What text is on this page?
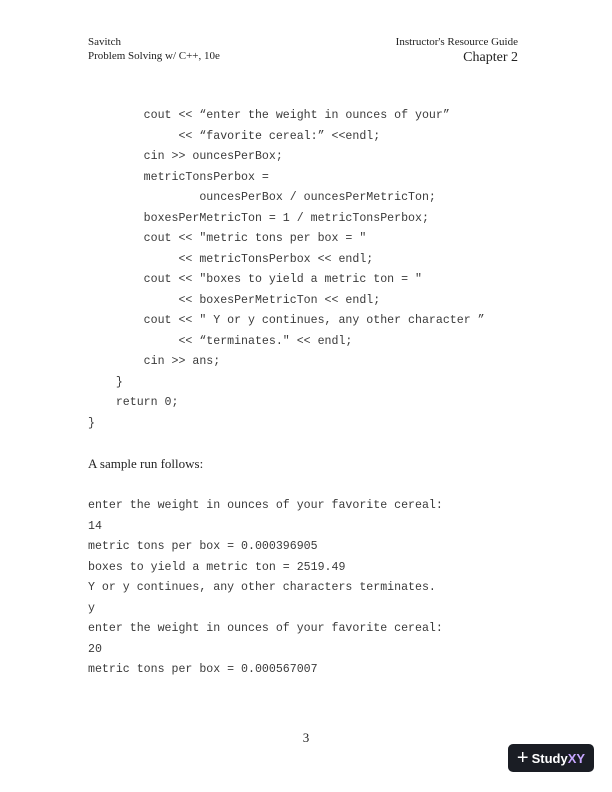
Savitch
Problem Solving w/ C++, 10e
Instructor's Resource Guide
Chapter 2
cout << “enter the weight in ounces of your”
<< “favorite cereal:” <<endl;
cin >> ouncesPerBox;
metricTonsPerbox =
ouncesPerBox / ouncesPerMetricTon;
boxesPerMetricTon = 1 / metricTonsPerbox;
cout << "metric tons per box = "
<< metricTonsPerbox << endl;
cout << "boxes to yield a metric ton = "
<< boxesPerMetricTon << endl;
cout << " Y or y continues, any other character ”
<< “terminates." << endl;
cin >> ans;
}
return 0;
}
A sample run follows:
enter the weight in ounces of your favorite cereal:
14
metric tons per box = 0.000396905
boxes to yield a metric ton = 2519.49
Y or y continues, any other characters terminates.
y
enter the weight in ounces of your favorite cereal:
20
metric tons per box = 0.000567007
3
+ Study XY
